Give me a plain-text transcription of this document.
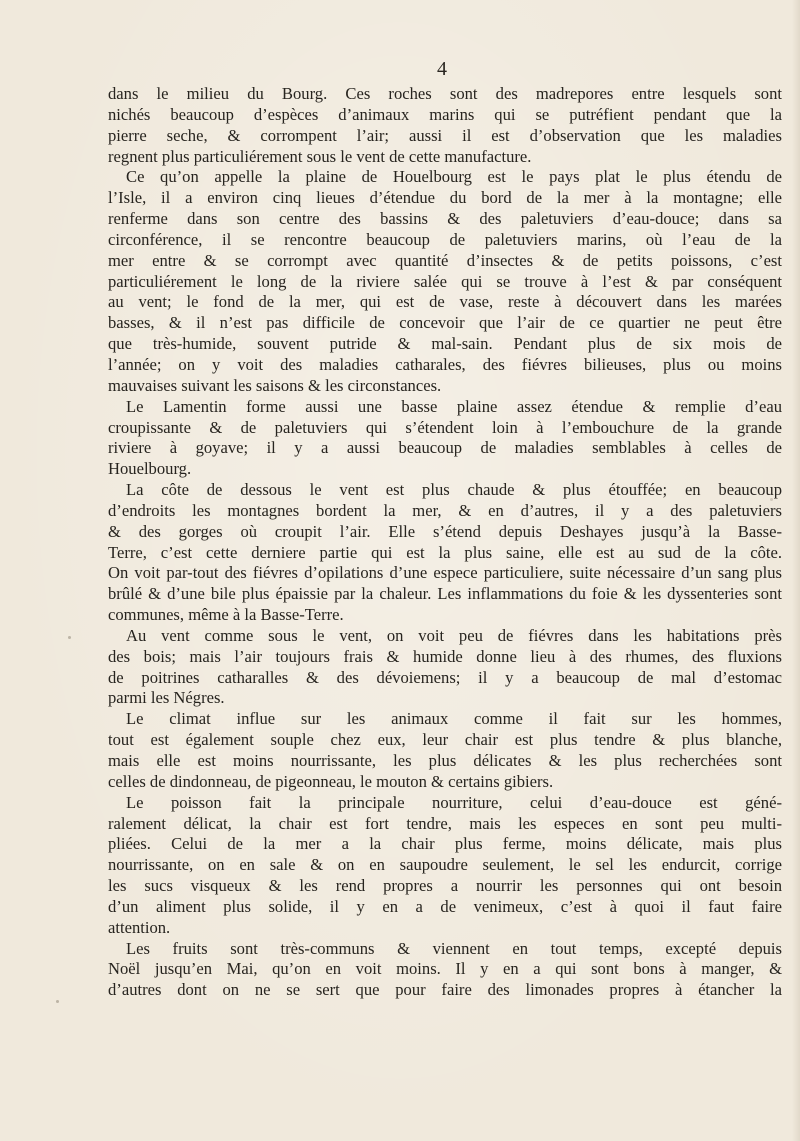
4
dans le milieu du Bourg. Ces roches sont des madrepores entre lesquels sont
nichés beaucoup d’espèces d’animaux marins qui se putréfient pendant que la
pierre seche, & corrompent l’air; aussi il est d’observation que les maladies
regnent plus particuliérement sous le vent de cette manufacture.
Ce qu’on appelle la plaine de Houelbourg est le pays plat le plus étendu de
l’Isle, il a environ cinq lieues d’étendue du bord de la mer à la montagne; elle
renferme dans son centre des bassins & des paletuviers d’eau-douce; dans sa
circonférence, il se rencontre beaucoup de paletuviers marins, où l’eau de la
mer entre & se corrompt avec quantité d’insectes & de petits poissons, c’est
particuliérement le long de la riviere salée qui se trouve à l’est & par conséquent
au vent; le fond de la mer, qui est de vase, reste à découvert dans les marées
basses, & il n’est pas difficile de concevoir que l’air de ce quartier ne peut être
que très-humide, souvent putride & mal-sain. Pendant plus de six mois de
l’année; on y voit des maladies catharales, des fiévres bilieuses, plus ou moins
mauvaises suivant les saisons & les circonstances.
Le Lamentin forme aussi une basse plaine assez étendue & remplie d’eau
croupissante & de paletuviers qui s’étendent loin à l’embouchure de la grande
riviere à goyave; il y a aussi beaucoup de maladies semblables à celles de
Houelbourg.
La côte de dessous le vent est plus chaude & plus étouffée; en beaucoup
d’endroits les montagnes bordent la mer, & en d’autres, il y a des paletuviers
& des gorges où croupit l’air. Elle s’étend depuis Deshayes jusqu’à la Basse-
Terre, c’est cette derniere partie qui est la plus saine, elle est au sud de la côte.
On voit par-tout des fiévres d’opilations d’une espece particuliere, suite nécessaire d’un sang plus brûlé & d’une bile plus épaissie par la chaleur. Les inflammations du foie & les dyssenteries sont communes, même à la Basse-Terre.
Au vent comme sous le vent, on voit peu de fiévres dans les habitations près
des bois; mais l’air toujours frais & humide donne lieu à des rhumes, des fluxions
de poitrines catharalles & des dévoiemens; il y a beaucoup de mal d’estomac
parmi les Négres.
Le climat influe sur les animaux comme il fait sur les hommes,
tout est également souple chez eux, leur chair est plus tendre & plus blanche,
mais elle est moins nourrissante, les plus délicates & les plus recherchées sont
celles de dindonneau, de pigeonneau, le mouton & certains gibiers.
Le poisson fait la principale nourriture, celui d’eau-douce est géné-
ralement délicat, la chair est fort tendre, mais les especes en sont peu multi-
pliées. Celui de la mer a la chair plus ferme, moins délicate, mais plus
nourrissante, on en sale & on en saupoudre seulement, le sel les endurcit, corrige
les sucs visqueux & les rend propres a nourrir les personnes qui ont besoin
d’un aliment plus solide, il y en a de venimeux, c’est à quoi il faut faire
attention.
Les fruits sont très-communs & viennent en tout temps, excepté depuis
Noël jusqu’en Mai, qu’on en voit moins. Il y en a qui sont bons à manger, &
d’autres dont on ne se sert que pour faire des limonades propres à étancher la
